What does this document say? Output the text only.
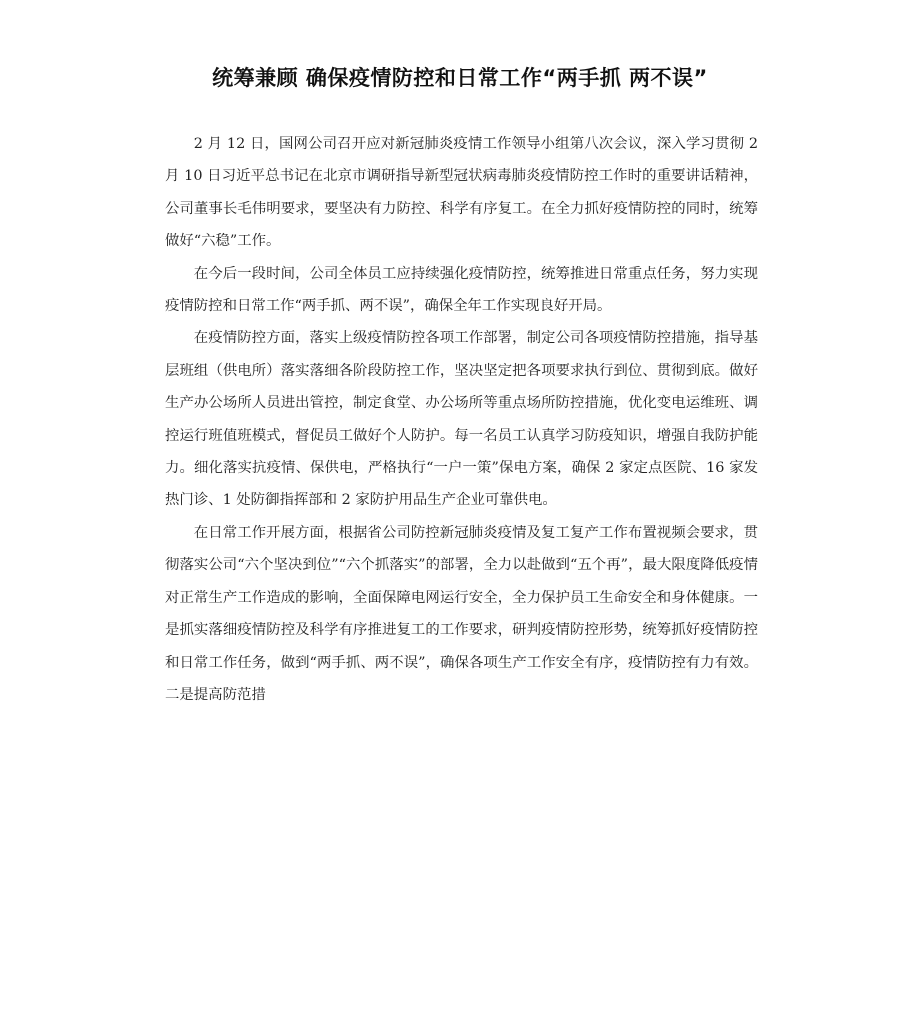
统筹兼顾 确保疫情防控和日常工作“两手抓 两不误”

2 月 12 日，国网公司召开应对新冠肺炎疫情工作领导小组第八次会议，深入学习贯彻 2 月 10 日习近平总书记在北京市调研指导新型冠状病毒肺炎疫情防控工作时的重要讲话精神，公司董事长毛伟明要求，要坚决有力防控、科学有序复工。在全力抓好疫情防控的同时，统筹做好“六稳”工作。

在今后一段时间，公司全体员工应持续强化疫情防控，统筹推进日常重点任务，努力实现疫情防控和日常工作“两手抓、两不误”，确保全年工作实现良好开局。

在疫情防控方面，落实上级疫情防控各项工作部署，制定公司各项疫情防控措施，指导基层班组（供电所）落实落细各阶段防控工作，坚决坚定把各项要求执行到位、贯彻到底。做好生产办公场所人员进出管控，制定食堂、办公场所等重点场所防控措施，优化变电运维班、调控运行班值班模式，督促员工做好个人防护。每一名员工认真学习防疫知识，增强自我防护能力。细化落实抗疫情、保供电，严格执行“一户一策”保电方案，确保 2 家定点医院、16 家发热门诊、1 处防御指挥部和 2 家防护用品生产企业可靠供电。

在日常工作开展方面，根据省公司防控新冠肺炎疫情及复工复产工作布置视频会要求，贯彻落实公司“六个坚决到位”“六个抓落实”的部署，全力以赴做到“五个再”，最大限度降低疫情对正常生产工作造成的影响，全面保障电网运行安全，全力保护员工生命安全和身体健康。一是抓实落细疫情防控及科学有序推进复工的工作要求，研判疫情防控形势，统筹抓好疫情防控和日常工作任务，做到“两手抓、两不误”，确保各项生产工作安全有序，疫情防控有力有效。二是提高防范措
